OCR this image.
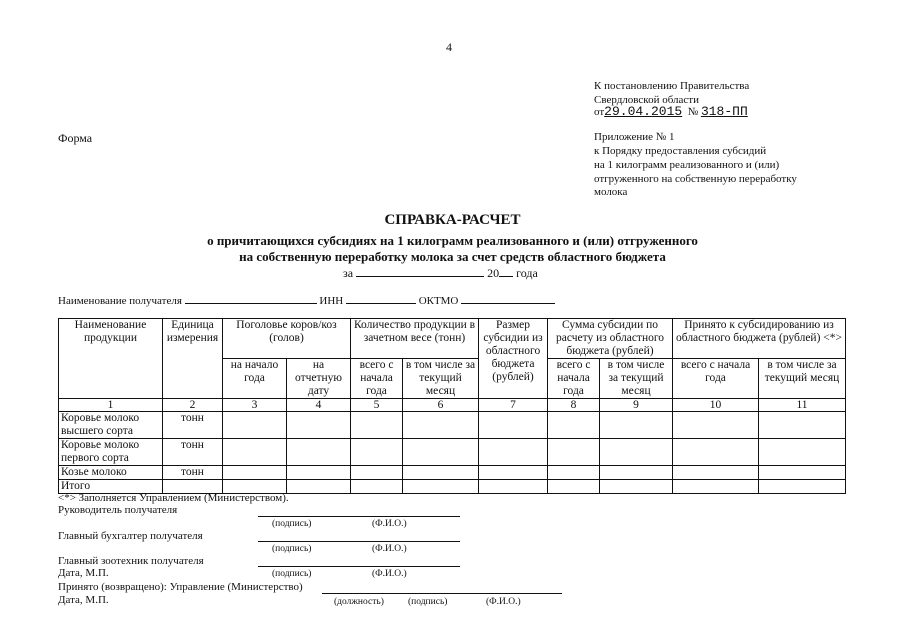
4
К постановлению Правительства
Свердловской области
от29.04.2015 № 318-ПП
Форма	Приложение № 1
к Порядку предоставления субсидий
на 1 килограмм реализованного и (или)
отгруженного на собственную переработку
молока
СПРАВКА-РАСЧЕТ
о причитающихся субсидиях на 1 килограмм реализованного и (или) отгруженного
на собственную переработку молока за счет средств областного бюджета
за	20 года
Наименование получателя	ИНН	ОКТМО
Наименование продукции	Единица измерения	Поголовье коров/коз (голов)		Количество продукции в зачетном весе (тонн)		Размер субсидии из областного бюджета (рублей)	Сумма субсидии по расчету из областного бюджета (рублей)		Принято к субсидированию из областного бюджета (рублей) <*>	
		на начало года	на отчетную дату	всего с начала года	в том числе за текущий месяц		всего с начала года	в том числе за текущий месяц	всего с начала года	в том числе за текущий месяц
1	2	3	4	5	6	7	8	9	10	11
Коровье молоко высшего сорта	тонн									
Коровье молоко первого сорта	тонн									
Козье молоко	тонн									
Итого										
<*> Заполняется Управлением (Министерством).
Руководитель получателя
(подпись)	(Ф.И.О.)
Главный бухгалтер получателя
(подпись)	(Ф.И.О.)
Главный зоотехник получателя
Дата, М.П.	(подпись)	(Ф.И.О.)
Принято (возвращено): Управление (Министерство)
Дата, М.П.	(должность)	(подпись)	(Ф.И.О.)
